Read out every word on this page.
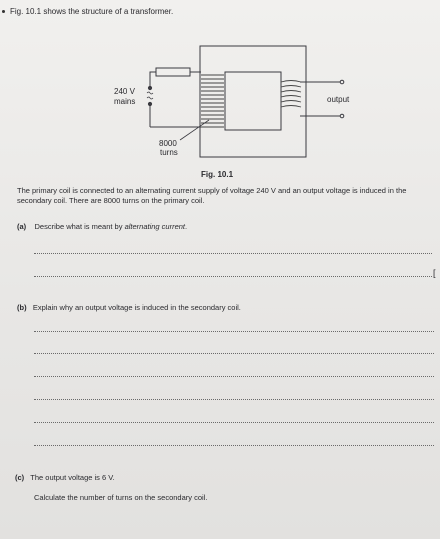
Fig. 10.1 shows the structure of a transformer.
240 V
mains
8000
turns
output
Fig. 10.1
The primary coil is connected to an alternating current supply of voltage 240 V and an output voltage is induced in the secondary coil. There are 8000 turns on the primary coil.
(a) Describe what is meant by alternating current.
[
(b) Explain why an output voltage is induced in the secondary coil.
(c) The output voltage is 6 V.
Calculate the number of turns on the secondary coil.
